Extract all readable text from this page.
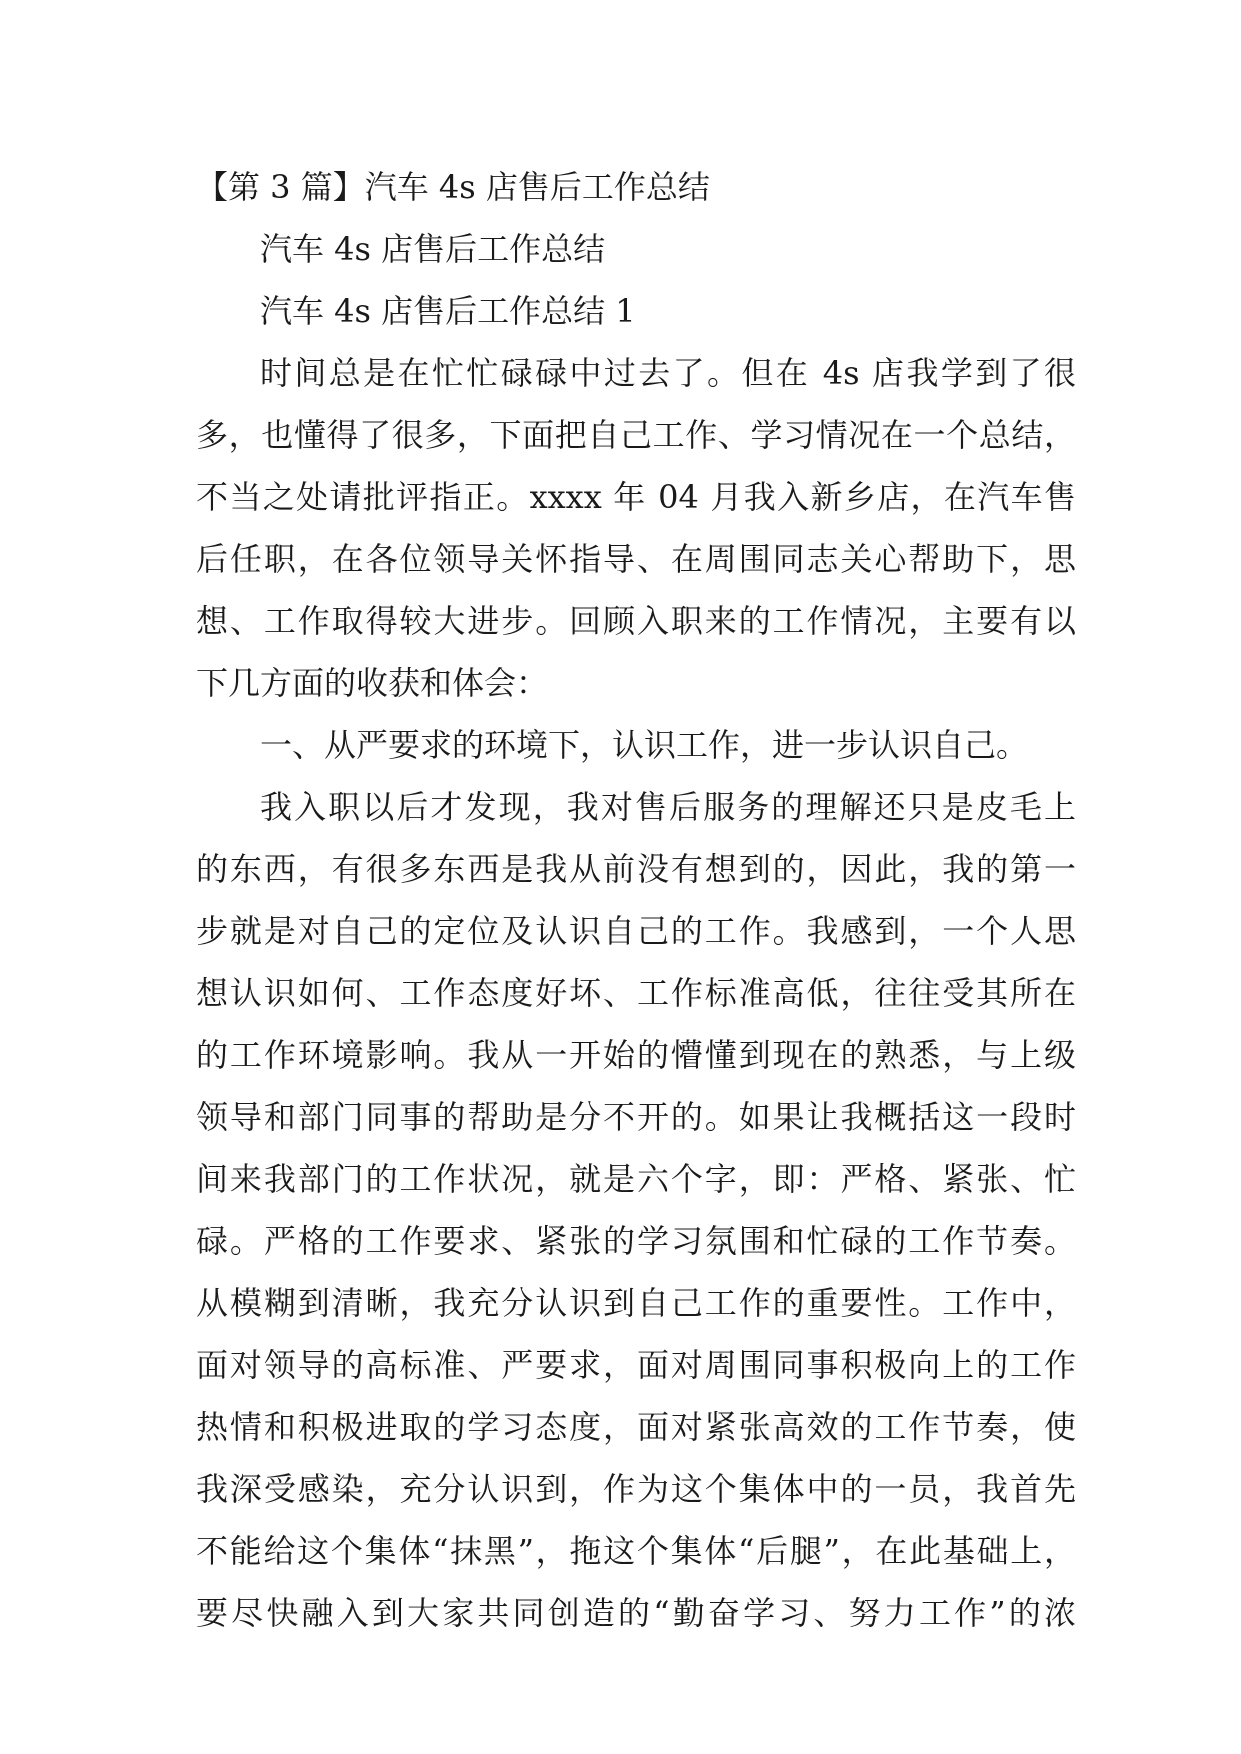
【第 3 篇】汽车 4s 店售后工作总结
汽车 4s 店售后工作总结
汽车 4s 店售后工作总结 1
时间总是在忙忙碌碌中过去了。但在 4s 店我学到了很
多，也懂得了很多，下面把自己工作、学习情况在一个总结，
不当之处请批评指正。xxxx 年 04 月我入新乡店，在汽车售
后任职，在各位领导关怀指导、在周围同志关心帮助下，思
想、工作取得较大进步。回顾入职来的工作情况，主要有以
下几方面的收获和体会：
一、从严要求的环境下，认识工作，进一步认识自己。
我入职以后才发现，我对售后服务的理解还只是皮毛上
的东西，有很多东西是我从前没有想到的，因此，我的第一
步就是对自己的定位及认识自己的工作。我感到，一个人思
想认识如何、工作态度好坏、工作标准高低，往往受其所在
的工作环境影响。我从一开始的懵懂到现在的熟悉，与上级
领导和部门同事的帮助是分不开的。如果让我概括这一段时
间来我部门的工作状况，就是六个字，即：严格、紧张、忙
碌。严格的工作要求、紧张的学习氛围和忙碌的工作节奏。
从模糊到清晰，我充分认识到自己工作的重要性。工作中，
面对领导的高标准、严要求，面对周围同事积极向上的工作
热情和积极进取的学习态度，面对紧张高效的工作节奏，使
我深受感染，充分认识到，作为这个集体中的一员，我首先
不能给这个集体“抹黑”，拖这个集体“后腿”，在此基础上，
要尽快融入到大家共同创造的“勤奋学习、努力工作”的浓
